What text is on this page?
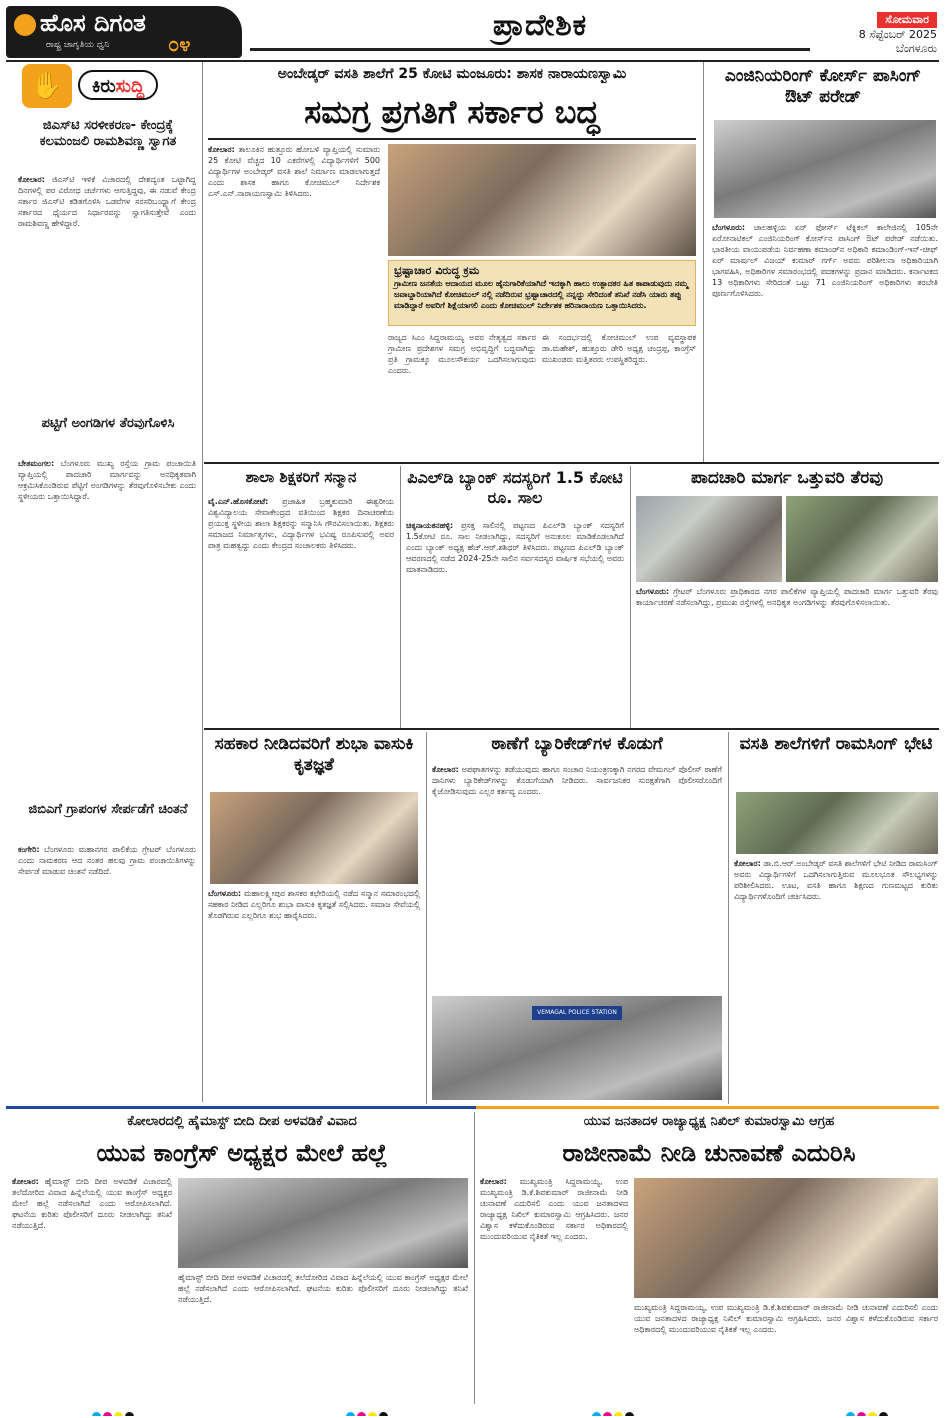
ಹೊಸ ದಿಗಂತ
ರಾಷ್ಟ್ರ ಜಾಗೃತಿಯ ಧ್ವನಿ	೦೪
ಪ್ರಾದೇಶಿಕ	ಸೋಮವಾರ
8 ಸೆಪ್ಟೆಂಬರ್ 2025
ಬೆಂಗಳೂರು
✋	ಕಿರುಸುದ್ದಿ
ಜಿಎಸ್‌ಟಿ ಸರಳೀಕರಣ- ಕೇಂದ್ರಕ್ಕೆ ಕಲಮಂಜಲಿ ರಾಮಶಿವಣ್ಣ ಸ್ವಾಗತ
ಕೋಲಾರ: ಜಿಎಸ್‌ಟಿ ಇಳಿಕೆ ವಿಚಾರದಲ್ಲಿ ದೇಶದ್ಯಂತ ಒಟ್ಟಾಗಿದ್ದ ದಿನಗಳಲ್ಲಿ ಪರ ವಿರೋಧ ಚರ್ಚೆಗಳು ಆಗುತ್ತಿದ್ದವು, ಈ ನಡುವೆ ಕೇಂದ್ರ ಸರ್ಕಾರ ಜಿಎಸ್‌ಟಿ ಕಡಿತಗೊಳಿಸಿ ಒಡವೆಗಳ ಸರಸರಿಬಂಧ್ದ್ಯಾಗೆ ಕೇಂದ್ರ ಸರ್ಕಾರದ ಧೈರ್ಯದ ನಿರ್ಧಾರವನ್ನು ಸ್ವಾಗತಿಸುತ್ತೇವೆ ಎಂದು ರಾಮಶಿವಣ್ಣ ಹೇಳಿದ್ದಾರೆ.
ಪಟ್ಟಿಗೆ ಅಂಗಡಿಗಳ ತೆರವುಗೊಳಿಸಿ
ಬೇತಮಂಗಲ: ಬೆಂಗಳೂರು ಮುಖ್ಯ ರಸ್ತೆಯ ಗ್ರಾಮ ಪಂಚಾಯಿತಿ ವ್ಯಾಪ್ತಿಯಲ್ಲಿ ಪಾದಚಾರಿ ಮಾರ್ಗವನ್ನು ಅನಧಿಕೃತವಾಗಿ ಆಕ್ರಮಿಸಿಕೊಂಡಿರುವ ಪೆಟ್ಟಿಗೆ ಅಂಗಡಿಗಳನ್ನು ತೆರವುಗೊಳಿಸಬೇಕು ಎಂದು ಸ್ಥಳೀಯರು ಒತ್ತಾಯಿಸಿದ್ದಾರೆ.
ಜಿಬಿಎಗೆ ಗ್ರಾಪಂಗಳ ಸೇರ್ಪಡೆಗೆ ಚಿಂತನೆ
ಕಂಗೇರಿ: ಬೆಂಗಳೂರು ಮಹಾನಗರ ಪಾಲಿಕೆಯ ಗ್ರೇಟರ್ ಬೆಂಗಳೂರು ಎಂದು ನಾಮಕರಣ ಆದ ನಂತರ ಹಲವು ಗ್ರಾಮ ಪಂಚಾಯಿತಿಗಳನ್ನು ಸೇರ್ಪಡೆ ಮಾಡುವ ಚಿಂತನೆ ನಡೆದಿದೆ.
ಅಂಬೇಡ್ಕರ್ ವಸತಿ ಶಾಲೆಗೆ 25 ಕೋಟಿ ಮಂಜೂರು: ಶಾಸಕ ನಾರಾಯಣಸ್ವಾಮಿ
ಸಮಗ್ರ ಪ್ರಗತಿಗೆ ಸರ್ಕಾರ ಬದ್ಧ
ಕೋಲಾರ: ತಾಲೂಕಿನ ಹುತ್ತೂರು ಹೋಬಳಿ ವ್ಯಾಪ್ತಿಯಲ್ಲಿ ಸುಮಾರು 25 ಕೋಟಿ ವೆಚ್ಚದ 10 ಎಕರೆಗಳಲ್ಲಿ ವಿದ್ಯಾರ್ಥಿಗಳಿಗೆ 500 ವಿದ್ಯಾರ್ಥಿಗಳ ಅಂಬೇಡ್ಕರ್ ವಸತಿ ಶಾಲೆ ನಿರ್ಮಾಣ ಮಾಡಲಾಗುತ್ತದೆ ಎಂದು ಶಾಸಕ ಹಾಗೂ ಕೋಚಿಮುಲ್ ನಿರ್ದೇಶಕ ಎಸ್.ಎನ್.ನಾರಾಯಣಸ್ವಾಮಿ ತಿಳಿಸಿದರು.
ಭ್ರಷ್ಟಾಚಾರ ವಿರುದ್ಧ ಕ್ರಮ
ಗ್ರಾಮೀಣ ಜನತೆಯ ಆದಾಯದ ಮೂಲ ಹೈನುಗಾರಿಕೆಯಾಗಿದೆ ಇದಕ್ಕಾಗಿ ಹಾಲು ಉತ್ಪಾದಕರ ಹಿತ ಕಾಪಾಡುವುದು ನಮ್ಮ ಜವಾಬ್ದಾರಿಯಾಗಿದೆ ಕೋಚಿಮುಲ್ ನಲ್ಲಿ ನಡೆದಿರುವ ಭ್ರಷ್ಟಾಚಾರದಲ್ಲಿ ನನ್ನದ್ದು ಸೇರಿದಂತೆ ತನಿಖೆ ನಡೆಸಿ ಯಾರು ತಪ್ಪು ಮಾಡಿದ್ದಾರೆ ಅವರಿಗೆ ಶಿಕ್ಷೆಯಾಗಲಿ ಎಂದು ಕೋಚಿಮುಲ್ ನಿರ್ದೇಶಕ ಹರಿನಾರಾಯಣ ಒತ್ತಾಯಿಸಿದರು.
ರಾಜ್ಯದ ಸಿಎಂ ಸಿದ್ದರಾಮಯ್ಯ ಅವರ ನೇತೃತ್ವದ ಸರ್ಕಾರ ಗ್ರಾಮೀಣ ಪ್ರದೇಶಗಳ ಸಮಗ್ರ ಅಭಿವೃದ್ಧಿಗೆ ಬದ್ಧವಾಗಿದ್ದು ಪ್ರತಿ ಗ್ರಾಮಕ್ಕೂ ಮೂಲಸೌಕರ್ಯ ಒದಗಿಸಲಾಗುವುದು ಎಂದರು.
ಈ ಸಂದರ್ಭದಲ್ಲಿ ಕೋಚಿಮುಲ್ ಉಪ ವ್ಯವಸ್ಥಾಪಕ ಡಾ.ಮಹೇಶ್, ಹುತ್ತೂರು ಡೇರಿ ಅಧ್ಯಕ್ಷ ಚಂದ್ರಪ್ಪ, ಕಾಂಗ್ರೆಸ್ ಮುಖಂಡರು ಮತ್ತಿತರರು ಉಪಸ್ಥಿತರಿದ್ದರು.
ಎಂಜಿನಿಯರಿಂಗ್ ಕೋರ್ಸ್ ಪಾಸಿಂಗ್ ಔಟ್ ಪರೇಡ್
ಬೆಂಗಳೂರು: ಜಾಲಹಳ್ಳಿಯ ಏರ್ ಫೋರ್ಸ್ ಟೆಕ್ನಿಕಲ್ ಕಾಲೇಜಿನಲ್ಲಿ 105ನೇ ಏರೋನಾಟಿಕಲ್ ಎಂಜಿನಿಯರಿಂಗ್ ಕೋರ್ಸ್‌ನ ಪಾಸಿಂಗ್ ಔಟ್ ಪರೇಡ್ ನಡೆಯಿತು. ಭಾರತೀಯ ವಾಯುಪಡೆಯ ನಿರ್ವಹಣಾ ಕಮಾಂಡ್‌ನ ಅಧಿಕಾರಿ ಕಮಾಂಡಿಂಗ್-ಇನ್-ಚೀಫ್ ಏರ್ ಮಾರ್ಷಲ್ ವಿಜಯ್ ಕುಮಾರ್ ಗರ್ಗ್ ಅವರು ಪರಿಶೀಲನಾ ಅಧಿಕಾರಿಯಾಗಿ ಭಾಗವಹಿಸಿ, ಅಧಿಕಾರಿಗಳ ಸಮಾರಂಭದಲ್ಲಿ ಪದಕಗಳನ್ನು ಪ್ರದಾನ ಮಾಡಿದರು. ಕರ್ನಾಟಕದ 13 ಅಧಿಕಾರಿಗಳು ಸೇರಿದಂತೆ ಒಟ್ಟು 71 ಎಂಜಿನಿಯರಿಂಗ್ ಅಧಿಕಾರಿಗಳು ತರಬೇತಿ ಪೂರ್ಣಗೊಳಿಸಿದರು.
ಶಾಲಾ ಶಿಕ್ಷಕರಿಗೆ ಸನ್ಮಾನ
ವೈ.ಎನ್.ಹೊಸಕೋಟೆ: ಪ್ರಜಾಹಿತ ಬ್ರಹ್ಮಕುಮಾರಿ ಈಶ್ವರೀಯ ವಿಶ್ವವಿದ್ಯಾಲಯ ಸೇವಾಕೇಂದ್ರದ ವತಿಯಿಂದ ಶಿಕ್ಷಕರ ದಿನಾಚರಣೆಯ ಪ್ರಯುಕ್ತ ಸ್ಥಳೀಯ ಶಾಲಾ ಶಿಕ್ಷಕರನ್ನು ಸನ್ಮಾನಿಸಿ ಗೌರವಿಸಲಾಯಿತು. ಶಿಕ್ಷಕರು ಸಮಾಜದ ನಿರ್ಮಾತೃಗಳು, ವಿದ್ಯಾರ್ಥಿಗಳ ಭವಿಷ್ಯ ರೂಪಿಸುವಲ್ಲಿ ಅವರ ಪಾತ್ರ ಮಹತ್ವದ್ದು ಎಂದು ಕೇಂದ್ರದ ಸಂಚಾಲಕರು ತಿಳಿಸಿದರು.
ಪಿಎಲ್‌ಡಿ ಬ್ಯಾಂಕ್ ಸದಸ್ಯರಿಗೆ 1.5 ಕೋಟಿ ರೂ. ಸಾಲ
ಚಿಕ್ಕನಾಯಕನಹಳ್ಳಿ: ಪ್ರಸಕ್ತ ಸಾಲಿನಲ್ಲಿ ಪಟ್ಟಣದ ಪಿಎಲ್‌ಡಿ ಬ್ಯಾಂಕ್ ಸದಸ್ಯರಿಗೆ 1.5ಕೋಟಿ ರೂ. ಸಾಲ ನೀಡಲಾಗಿದ್ದು, ಸದಸ್ಯರಿಗೆ ಅನುಕೂಲ ಮಾಡಿಕೊಡಲಾಗಿದೆ ಎಂದು ಬ್ಯಾಂಕ್ ಅಧ್ಯಕ್ಷ ಹೆಚ್.ಆರ್.ಶಶಿಧರ್ ತಿಳಿಸಿದರು. ಪಟ್ಟಣದ ಪಿಎಲ್‌ಡಿ ಬ್ಯಾಂಕ್ ಆವರಣದಲ್ಲಿ ನಡೆದ 2024-25ನೇ ಸಾಲಿನ ಸರ್ವಸದಸ್ಯರ ವಾರ್ಷಿಕ ಸಭೆಯಲ್ಲಿ ಅವರು ಮಾತನಾಡಿದರು.
ಪಾದಚಾರಿ ಮಾರ್ಗ ಒತ್ತುವರಿ ತೆರವು
ಬೆಂಗಳೂರು: ಗ್ರೇಟರ್ ಬೆಂಗಳೂರು ಪ್ರಾಧಿಕಾರದ ನಗರ ಪಾಲಿಕೆಗಳ ವ್ಯಾಪ್ತಿಯಲ್ಲಿ ಪಾದಚಾರಿ ಮಾರ್ಗ ಒತ್ತುವರಿ ತೆರವು ಕಾರ್ಯಾಚರಣೆ ನಡೆಸಲಾಗಿದ್ದು, ಪ್ರಮುಖ ರಸ್ತೆಗಳಲ್ಲಿ ಅನಧಿಕೃತ ಅಂಗಡಿಗಳನ್ನು ತೆರವುಗೊಳಿಸಲಾಯಿತು.
ಸಹಕಾರ ನೀಡಿದವರಿಗೆ ಶುಭಾ ವಾಸುಕಿ ಕೃತಜ್ಞತೆ
ಬೆಂಗಳೂರು: ಮಹಾಲಕ್ಷ್ಮೀಪುರ ಶಾಸಕರ ಕಛೇರಿಯಲ್ಲಿ ನಡೆದ ಸನ್ಮಾನ ಸಮಾರಂಭದಲ್ಲಿ ಸಹಕಾರ ನೀಡಿದ ಎಲ್ಲರಿಗೂ ಶುಭಾ ವಾಸುಕಿ ಕೃತಜ್ಞತೆ ಸಲ್ಲಿಸಿದರು. ಸಮಾಜ ಸೇವೆಯಲ್ಲಿ ತೊಡಗಿರುವ ಎಲ್ಲರಿಗೂ ಶುಭ ಹಾರೈಸಿದರು.
ಠಾಣೆಗೆ ಬ್ಯಾರಿಕೇಡ್‌ಗಳ ಕೊಡುಗೆ
ಕೋಲಾರ: ಅಪಘಾತಗಳನ್ನು ತಡೆಯುವುದು ಹಾಗೂ ಸಂಚಾರ ನಿಯಂತ್ರಣಕ್ಕಾಗಿ ನಗರದ ವೇಮಗಲ್ ಪೊಲೀಸ್ ಠಾಣೆಗೆ ದಾನಿಗಳು ಬ್ಯಾರಿಕೇಡ್‌ಗಳನ್ನು ಕೊಡುಗೆಯಾಗಿ ನೀಡಿದರು. ಸಾರ್ವಜನಿಕರ ಸುರಕ್ಷತೆಗಾಗಿ ಪೊಲೀಸರೊಂದಿಗೆ ಕೈಜೋಡಿಸುವುದು ಎಲ್ಲರ ಕರ್ತವ್ಯ ಎಂದರು.
VEMAGAL POLICE STATION
ವಸತಿ ಶಾಲೆಗಳಿಗೆ ರಾಮಸಿಂಗ್ ಭೇಟಿ
ಕೋಲಾರ: ಡಾ.ಬಿ.ಆರ್.ಅಂಬೇಡ್ಕರ್ ವಸತಿ ಶಾಲೆಗಳಿಗೆ ಭೇಟಿ ನೀಡಿದ ರಾಮಸಿಂಗ್ ಅವರು ವಿದ್ಯಾರ್ಥಿಗಳಿಗೆ ಒದಗಿಸಲಾಗುತ್ತಿರುವ ಮೂಲಭೂತ ಸೌಲಭ್ಯಗಳನ್ನು ಪರಿಶೀಲಿಸಿದರು. ಊಟ, ವಸತಿ ಹಾಗೂ ಶಿಕ್ಷಣದ ಗುಣಮಟ್ಟದ ಕುರಿತು ವಿದ್ಯಾರ್ಥಿಗಳೊಂದಿಗೆ ಚರ್ಚಿಸಿದರು.
ಕೋಲಾರದಲ್ಲಿ ಹೈಮಾಸ್ಟ್ ಬೀದಿ ದೀಪ ಅಳವಡಿಕೆ ವಿವಾದ
ಯುವ ಕಾಂಗ್ರೆಸ್ ಅಧ್ಯಕ್ಷರ ಮೇಲೆ ಹಲ್ಲೆ
ಕೋಲಾರ: ಹೈಮಾಸ್ಟ್ ಬೀದಿ ದೀಪ ಅಳವಡಿಕೆ ವಿಚಾರದಲ್ಲಿ ತಲೆದೋರಿದ ವಿವಾದ ಹಿನ್ನೆಲೆಯಲ್ಲಿ ಯುವ ಕಾಂಗ್ರೆಸ್ ಅಧ್ಯಕ್ಷರ ಮೇಲೆ ಹಲ್ಲೆ ನಡೆಸಲಾಗಿದೆ ಎಂದು ಆರೋಪಿಸಲಾಗಿದೆ. ಘಟನೆಯ ಕುರಿತು ಪೊಲೀಸರಿಗೆ ದೂರು ನೀಡಲಾಗಿದ್ದು ತನಿಖೆ ನಡೆಯುತ್ತಿದೆ.
ಹೈಮಾಸ್ಟ್ ಬೀದಿ ದೀಪ ಅಳವಡಿಕೆ ವಿಚಾರದಲ್ಲಿ ತಲೆದೋರಿದ ವಿವಾದ ಹಿನ್ನೆಲೆಯಲ್ಲಿ ಯುವ ಕಾಂಗ್ರೆಸ್ ಅಧ್ಯಕ್ಷರ ಮೇಲೆ ಹಲ್ಲೆ ನಡೆಸಲಾಗಿದೆ ಎಂದು ಆರೋಪಿಸಲಾಗಿದೆ. ಘಟನೆಯ ಕುರಿತು ಪೊಲೀಸರಿಗೆ ದೂರು ನೀಡಲಾಗಿದ್ದು ತನಿಖೆ ನಡೆಯುತ್ತಿದೆ.
ಯುವ ಜನತಾದಳ ರಾಜ್ಯಾಧ್ಯಕ್ಷ ನಿಖಿಲ್ ಕುಮಾರಸ್ವಾಮಿ ಆಗ್ರಹ
ರಾಜೀನಾಮೆ ನೀಡಿ ಚುನಾವಣೆ ಎದುರಿಸಿ
ಕೋಲಾರ: ಮುಖ್ಯಮಂತ್ರಿ ಸಿದ್ದರಾಮಯ್ಯ, ಉಪ ಮುಖ್ಯಮಂತ್ರಿ ಡಿ.ಕೆ.ಶಿವಕುಮಾರ್ ರಾಜೀನಾಮೆ ನೀಡಿ ಚುನಾವಣೆ ಎದುರಿಸಲಿ ಎಂದು ಯುವ ಜನತಾದಳದ ರಾಜ್ಯಾಧ್ಯಕ್ಷ ನಿಖಿಲ್ ಕುಮಾರಸ್ವಾಮಿ ಆಗ್ರಹಿಸಿದರು. ಜನರ ವಿಶ್ವಾಸ ಕಳೆದುಕೊಂಡಿರುವ ಸರ್ಕಾರ ಅಧಿಕಾರದಲ್ಲಿ ಮುಂದುವರಿಯುವ ನೈತಿಕತೆ ಇಲ್ಲ ಎಂದರು.
ಮುಖ್ಯಮಂತ್ರಿ ಸಿದ್ದರಾಮಯ್ಯ, ಉಪ ಮುಖ್ಯಮಂತ್ರಿ ಡಿ.ಕೆ.ಶಿವಕುಮಾರ್ ರಾಜೀನಾಮೆ ನೀಡಿ ಚುನಾವಣೆ ಎದುರಿಸಲಿ ಎಂದು ಯುವ ಜನತಾದಳದ ರಾಜ್ಯಾಧ್ಯಕ್ಷ ನಿಖಿಲ್ ಕುಮಾರಸ್ವಾಮಿ ಆಗ್ರಹಿಸಿದರು. ಜನರ ವಿಶ್ವಾಸ ಕಳೆದುಕೊಂಡಿರುವ ಸರ್ಕಾರ ಅಧಿಕಾರದಲ್ಲಿ ಮುಂದುವರಿಯುವ ನೈತಿಕತೆ ಇಲ್ಲ ಎಂದರು.
